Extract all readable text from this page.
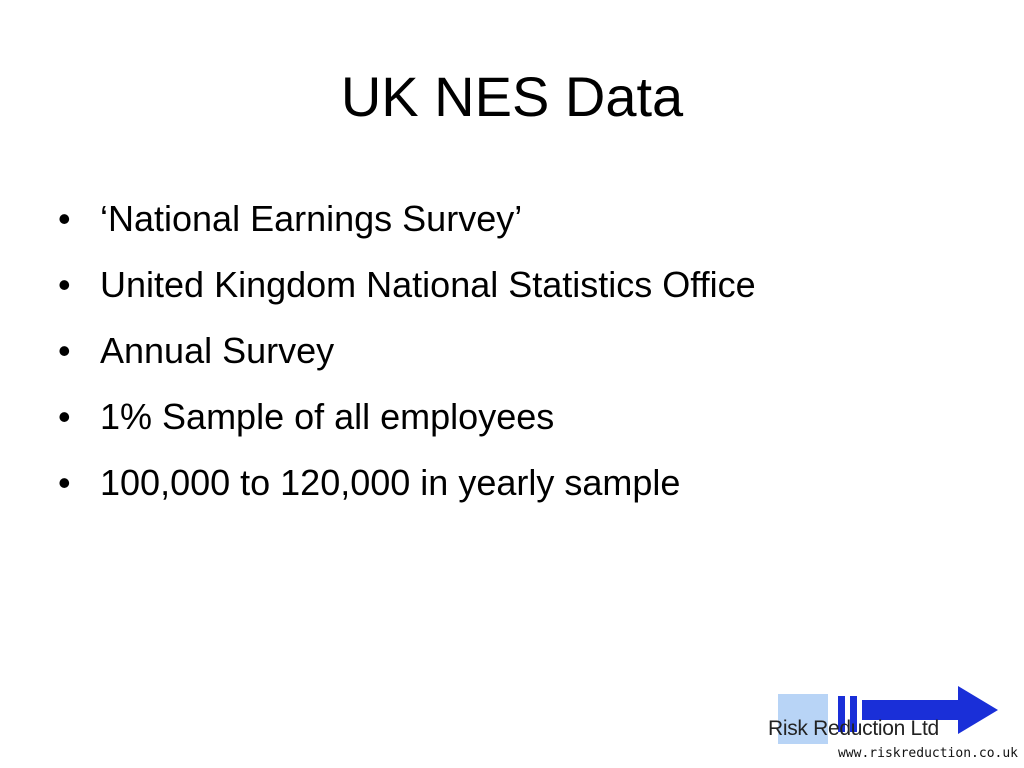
UK NES Data
• ‘National Earnings Survey’
• United Kingdom National Statistics Office
• Annual Survey
• 1% Sample of all employees
• 100,000 to 120,000 in yearly sample
Risk Reduction Ltd
www.riskreduction.co.uk
